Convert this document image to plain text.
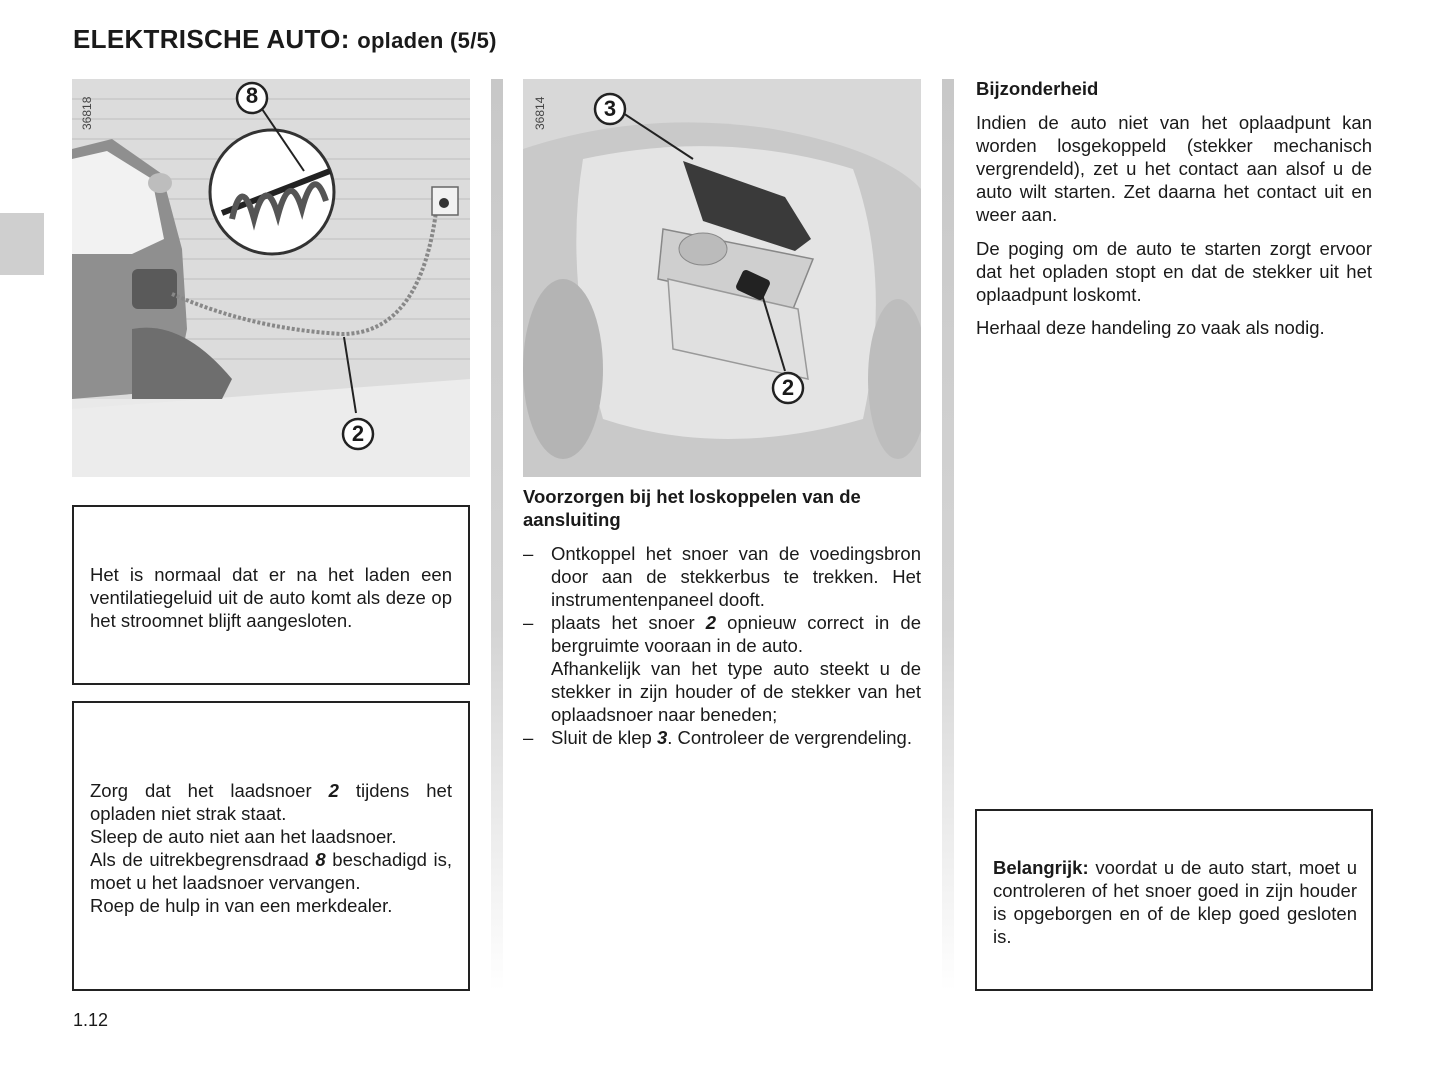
ELEKTRISCHE AUTO: opladen (5/5)
8
2
36818

Het is normaal dat er na het laden een ventilatiegeluid uit de auto komt als deze op het stroomnet blijft aangesloten.

Zorg dat het laadsnoer 2 tijdens het opladen niet strak staat.

Sleep de auto niet aan het laadsnoer.

Als de uitrekbegrensdraad 8 beschadigd is, moet u het laadsnoer vervangen.

Roep de hulp in van een merkdealer.

3
2
36814
Voorzorgen bij het loskoppelen van de aansluiting
– Ontkoppel het snoer van de voedingsbron door aan de stekkerbus te trekken. Het instrumentenpaneel dooft.
– plaats het snoer 2 opnieuw correct in de bergruimte vooraan in de auto.
Afhankelijk van het type auto steekt u de stekker in zijn houder of de stekker van het oplaadsnoer naar beneden;
– Sluit de klep 3. Controleer de vergrendeling.
Bijzonderheid

Indien de auto niet van het oplaadpunt kan worden losgekoppeld (stekker mechanisch vergrendeld), zet u het contact aan alsof u de auto wilt starten. Zet daarna het contact uit en weer aan.

De poging om de auto te starten zorgt ervoor dat het opladen stopt en dat de stekker uit het oplaadpunt loskomt.

Herhaal deze handeling zo vaak als nodig.

Belangrijk: voordat u de auto start, moet u controleren of het snoer goed in zijn houder is opgeborgen en of de klep goed gesloten is.

1.12
